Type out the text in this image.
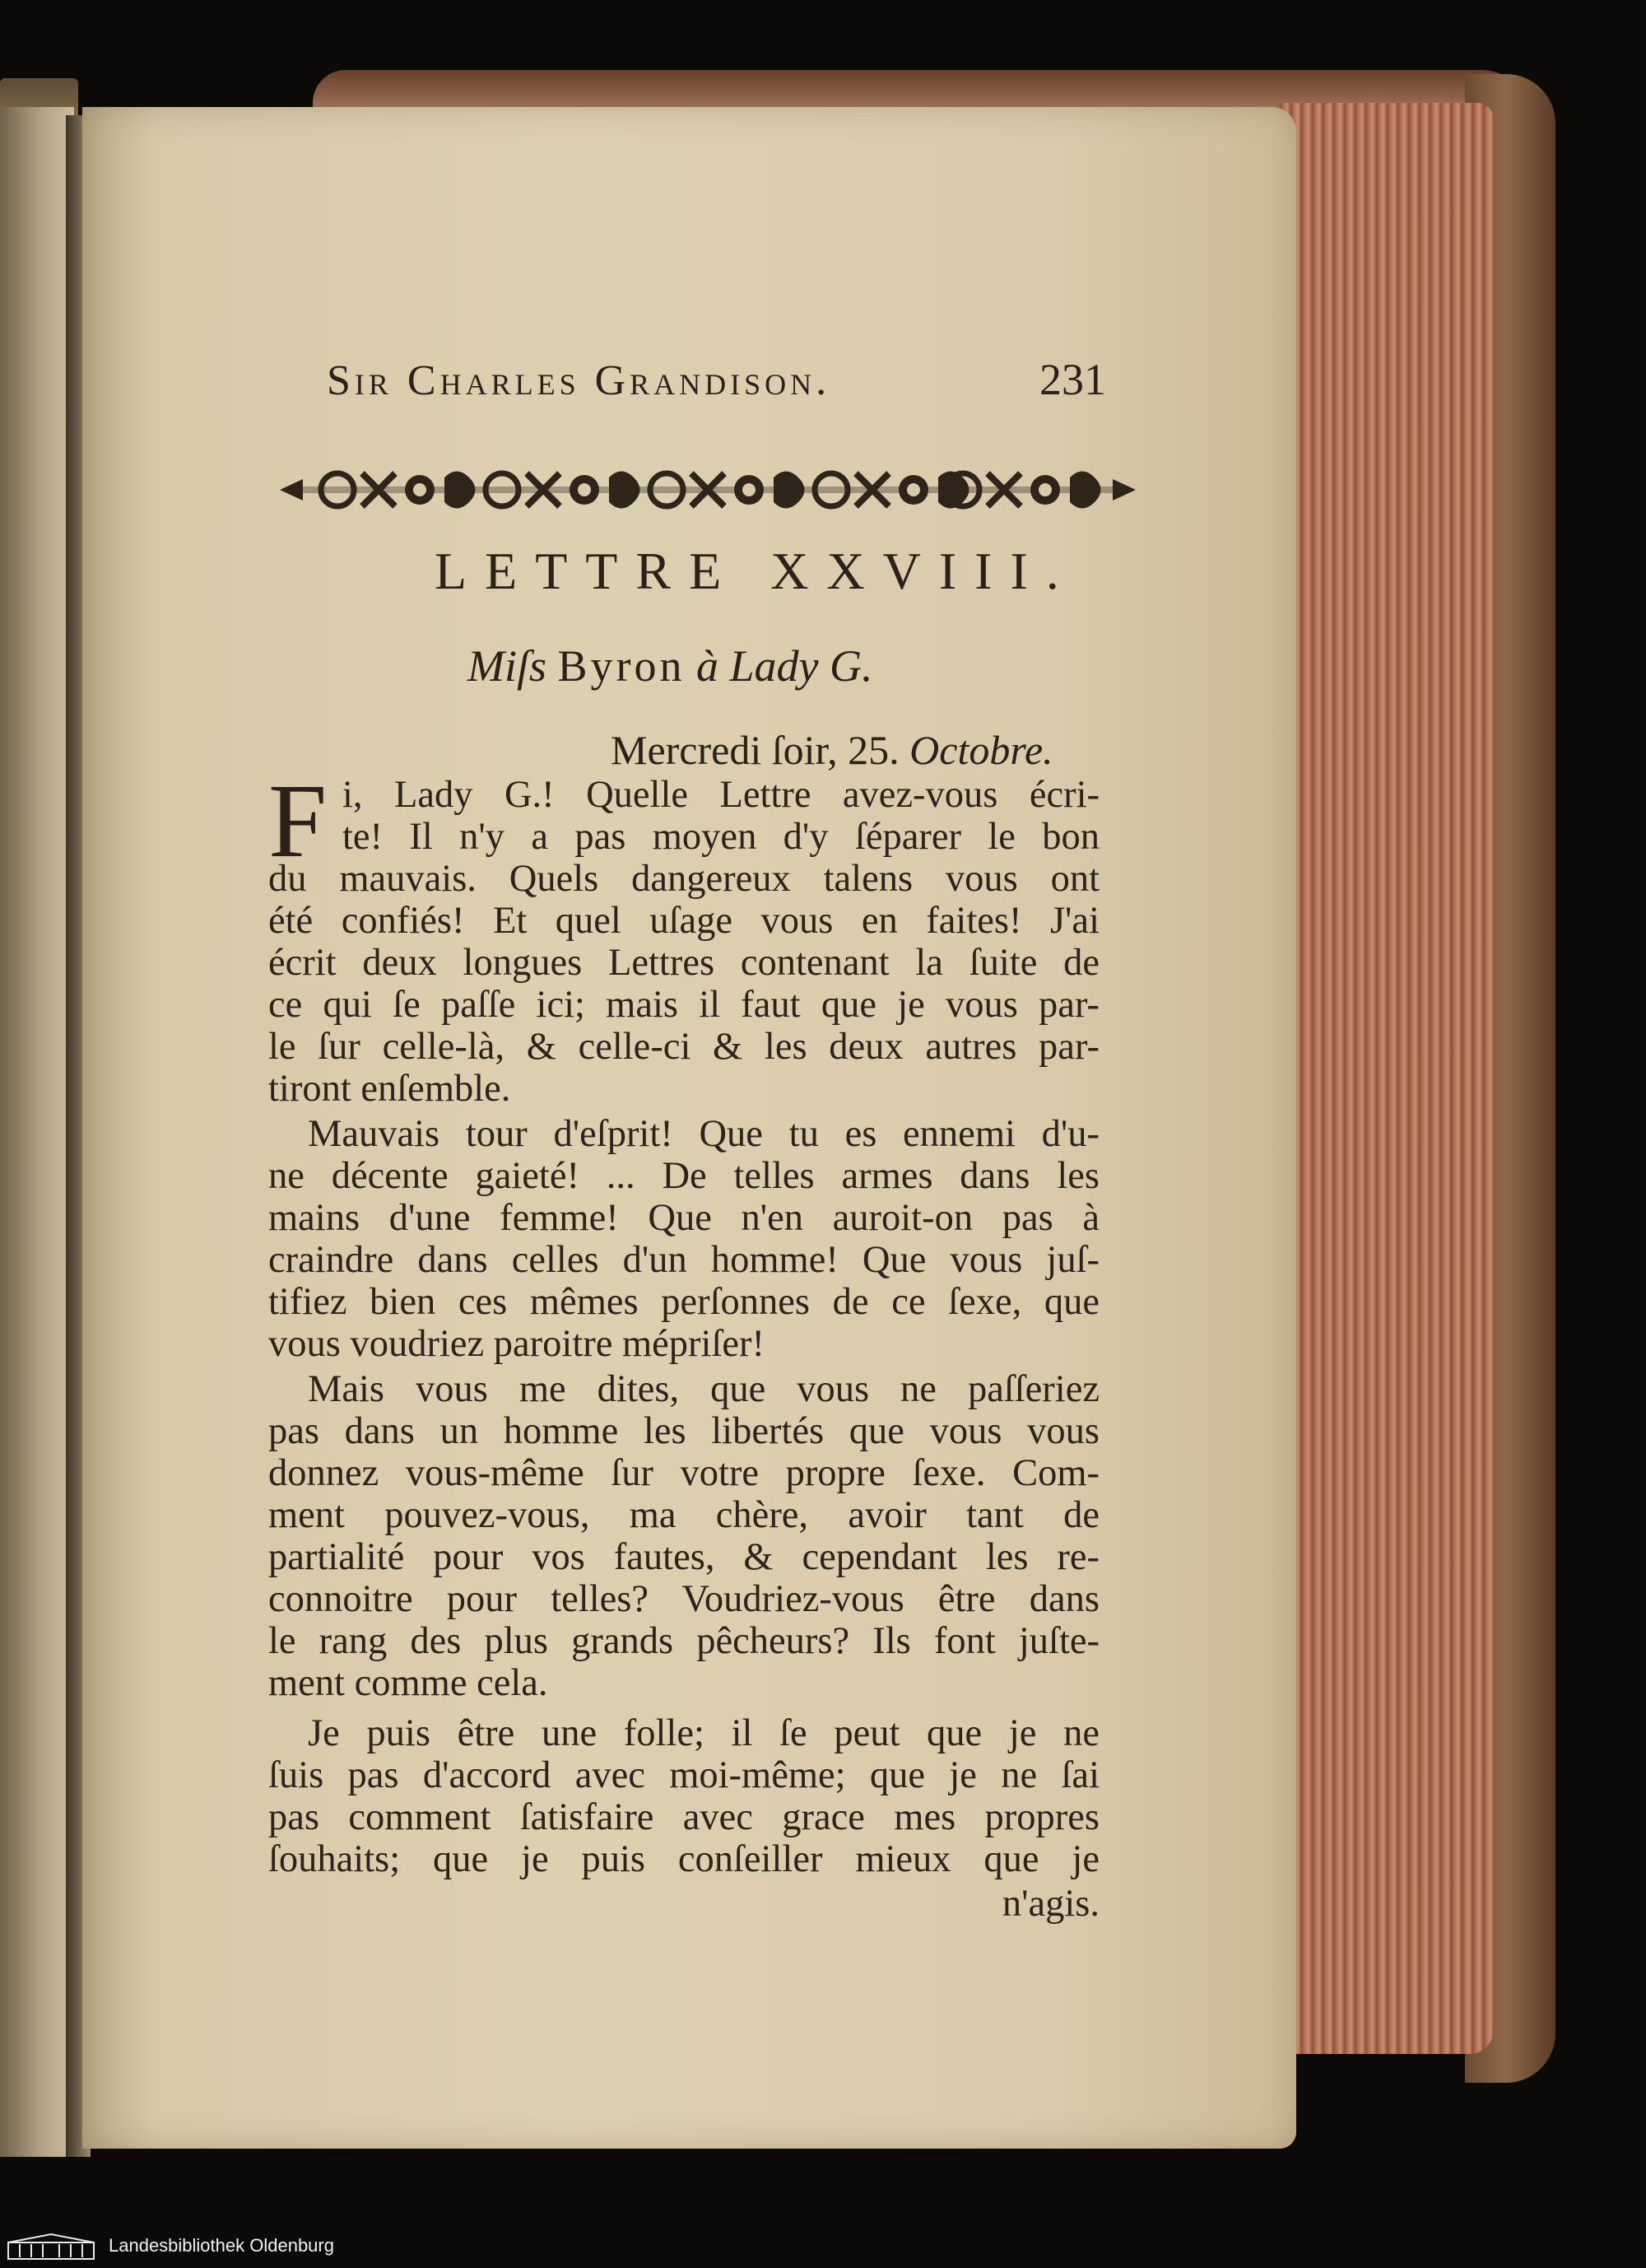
Sir Charles Grandison.	231
LETTRE XXVIII.
Miſs Byron à Lady G.
Mercredi ſoir, 25. Octobre.
F i, Lady G.! Quelle Lettre avez-vous écri-
te! Il n'y a pas moyen d'y ſéparer le bon
du mauvais. Quels dangereux talens vous ont
été confiés! Et quel uſage vous en faites! J'ai
écrit deux longues Lettres contenant la ſuite de
ce qui ſe paſſe ici; mais il faut que je vous par-
le ſur celle-là, & celle-ci & les deux autres par-
tiront enſemble.
Mauvais tour d'eſprit! Que tu es ennemi d'u-
ne décente gaieté! ... De telles armes dans les
mains d'une femme! Que n'en auroit-on pas à
craindre dans celles d'un homme! Que vous juſ-
tifiez bien ces mêmes perſonnes de ce ſexe, que
vous voudriez paroitre mépriſer!
Mais vous me dites, que vous ne paſſeriez
pas dans un homme les libertés que vous vous
donnez vous-même ſur votre propre ſexe. Com-
ment pouvez-vous, ma chère, avoir tant de
partialité pour vos fautes, & cependant les re-
connoitre pour telles? Voudriez-vous être dans
le rang des plus grands pêcheurs? Ils font juſte-
ment comme cela.
Je puis être une folle; il ſe peut que je ne
ſuis pas d'accord avec moi-même; que je ne ſai
pas comment ſatisfaire avec grace mes propres
ſouhaits; que je puis conſeiller mieux que je
n'agis.
Landesbibliothek Oldenburg
